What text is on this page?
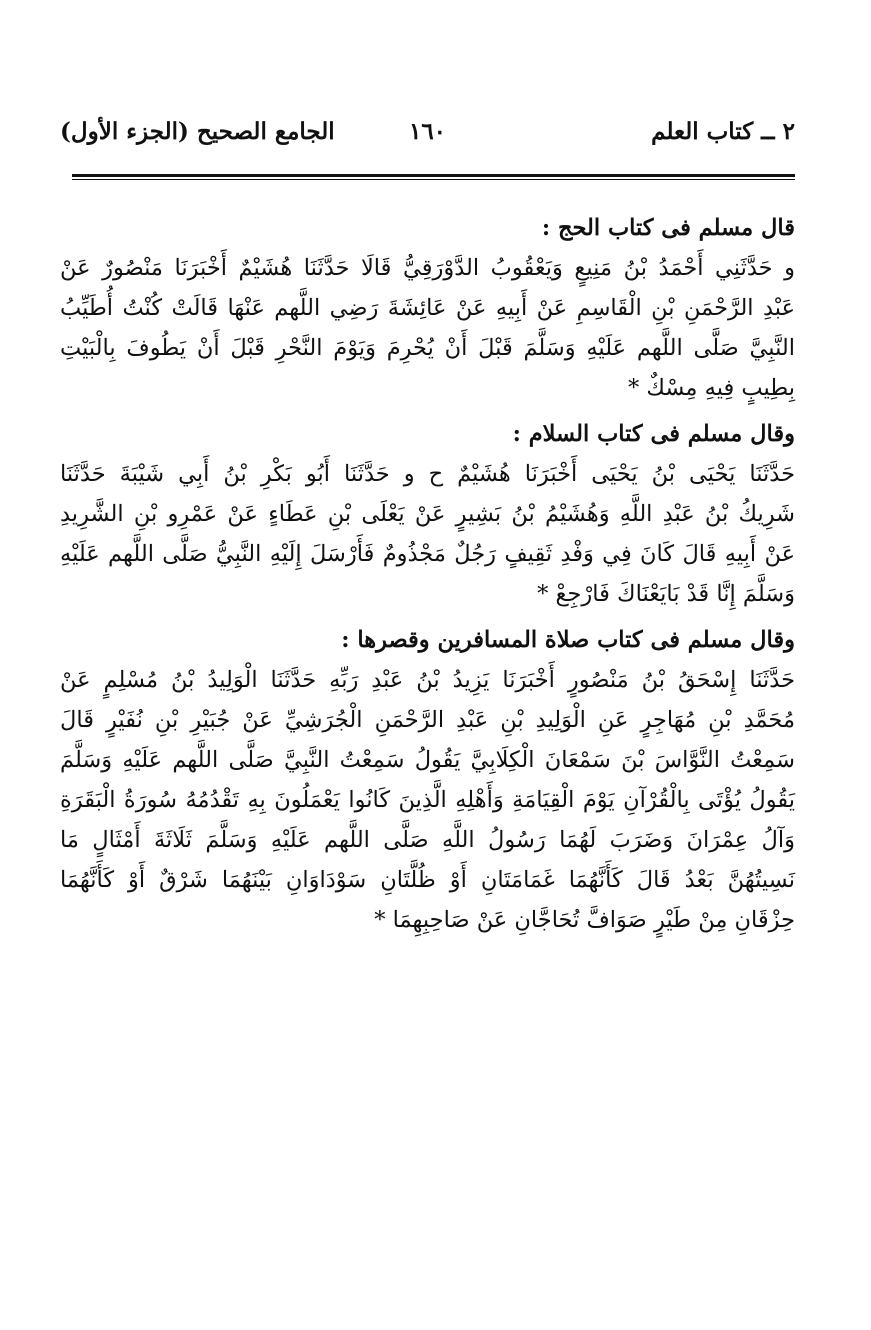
٢ ــ كتاب العلم
١٦٠
الجامع الصحيح (الجزء الأول)

قال مسلم فى كتاب الحج :

و حَدَّثَنِي أَحْمَدُ بْنُ مَنِيعٍ وَيَعْقُوبُ الدَّوْرَقِيُّ قَالَا حَدَّثَنَا هُشَيْمٌ أَخْبَرَنَا مَنْصُورٌ عَنْ
عَبْدِ الرَّحْمَنِ بْنِ الْقَاسِمِ عَنْ أَبِيهِ عَنْ عَائِشَةَ رَضِي اللَّهم عَنْهَا قَالَتْ كُنْتُ أُطَيِّبُ
النَّبِيَّ صَلَّى اللَّهم عَلَيْهِ وَسَلَّمَ قَبْلَ أَنْ يُحْرِمَ وَيَوْمَ النَّحْرِ قَبْلَ أَنْ يَطُوفَ بِالْبَيْتِ
بِطِيبٍ فِيهِ مِسْكٌ *

وقال مسلم فى كتاب السلام :

حَدَّثَنَا يَحْيَى بْنُ يَحْيَى أَخْبَرَنَا هُشَيْمٌ ح و حَدَّثَنَا أَبُو بَكْرِ بْنُ أَبِي شَيْبَةَ حَدَّثَنَا
شَرِيكُ بْنُ عَبْدِ اللَّهِ وَهُشَيْمُ بْنُ بَشِيرٍ عَنْ يَعْلَى بْنِ عَطَاءٍ عَنْ عَمْرِو بْنِ الشَّرِيدِ
عَنْ أَبِيهِ قَالَ كَانَ فِي وَفْدِ ثَقِيفٍ رَجُلٌ مَجْذُومٌ فَأَرْسَلَ إِلَيْهِ النَّبِيُّ صَلَّى اللَّهم عَلَيْهِ
وَسَلَّمَ إِنَّا قَدْ بَايَعْنَاكَ فَارْجِعْ *

وقال مسلم فى كتاب صلاة المسافرين وقصرها :

حَدَّثَنَا إِسْحَقُ بْنُ مَنْصُورٍ أَخْبَرَنَا يَزِيدُ بْنُ عَبْدِ رَبِّهِ حَدَّثَنَا الْوَلِيدُ بْنُ مُسْلِمٍ عَنْ
مُحَمَّدِ بْنِ مُهَاجِرٍ عَنِ الْوَلِيدِ بْنِ عَبْدِ الرَّحْمَنِ الْجُرَشِيِّ عَنْ جُبَيْرِ بْنِ نُفَيْرٍ قَالَ
سَمِعْتُ النَّوَّاسَ بْنَ سَمْعَانَ الْكِلَابِيَّ يَقُولُ سَمِعْتُ النَّبِيَّ صَلَّى اللَّهم عَلَيْهِ وَسَلَّمَ
يَقُولُ يُؤْتَى بِالْقُرْآنِ يَوْمَ الْقِيَامَةِ وَأَهْلِهِ الَّذِينَ كَانُوا يَعْمَلُونَ بِهِ تَقْدُمُهُ سُورَةُ الْبَقَرَةِ
وَآلُ عِمْرَانَ وَضَرَبَ لَهُمَا رَسُولُ اللَّهِ صَلَّى اللَّهم عَلَيْهِ وَسَلَّمَ ثَلَاثَةَ أَمْثَالٍ مَا
نَسِيتُهُنَّ بَعْدُ قَالَ كَأَنَّهُمَا غَمَامَتَانِ أَوْ ظُلَّتَانِ سَوْدَاوَانِ بَيْنَهُمَا شَرْقٌ أَوْ كَأَنَّهُمَا
حِزْقَانِ مِنْ طَيْرٍ صَوَافَّ تُحَاجَّانِ عَنْ صَاحِبِهِمَا *
